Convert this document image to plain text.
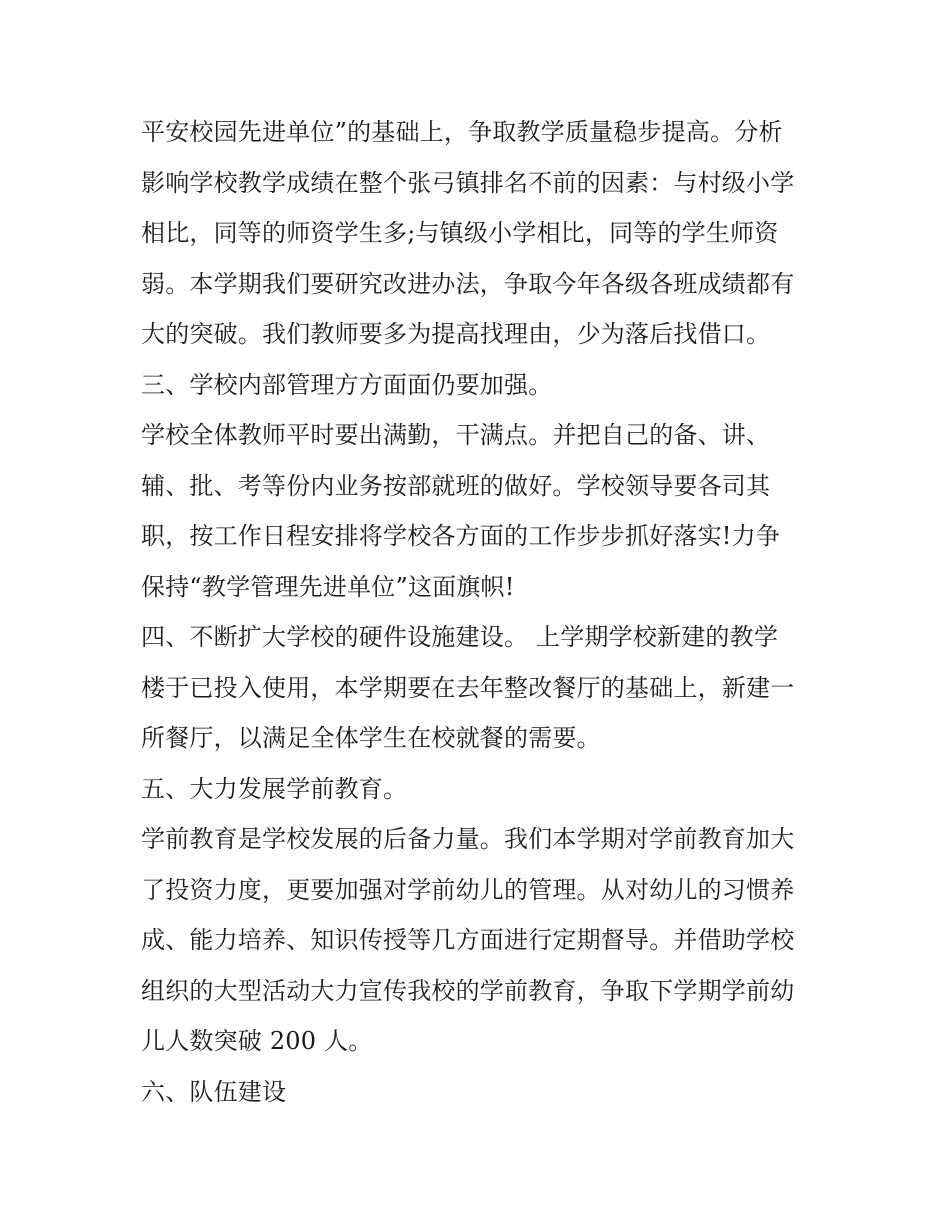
平安校园先进单位”的基础上，争取教学质量稳步提高。分析
影响学校教学成绩在整个张弓镇排名不前的因素：与村级小学
相比，同等的师资学生多;与镇级小学相比，同等的学生师资
弱。本学期我们要研究改进办法，争取今年各级各班成绩都有
大的突破。我们教师要多为提高找理由，少为落后找借口。
三、学校内部管理方方面面仍要加强。
学校全体教师平时要出满勤，干满点。并把自己的备、讲、
辅、批、考等份内业务按部就班的做好。学校领导要各司其
职，按工作日程安排将学校各方面的工作步步抓好落实!力争
保持“教学管理先进单位”这面旗帜!
四、不断扩大学校的硬件设施建设。 上学期学校新建的教学
楼于已投入使用，本学期要在去年整改餐厅的基础上，新建一
所餐厅，以满足全体学生在校就餐的需要。
五、大力发展学前教育。
学前教育是学校发展的后备力量。我们本学期对学前教育加大
了投资力度，更要加强对学前幼儿的管理。从对幼儿的习惯养
成、能力培养、知识传授等几方面进行定期督导。并借助学校
组织的大型活动大力宣传我校的学前教育，争取下学期学前幼
儿人数突破 200 人。
六、队伍建设
